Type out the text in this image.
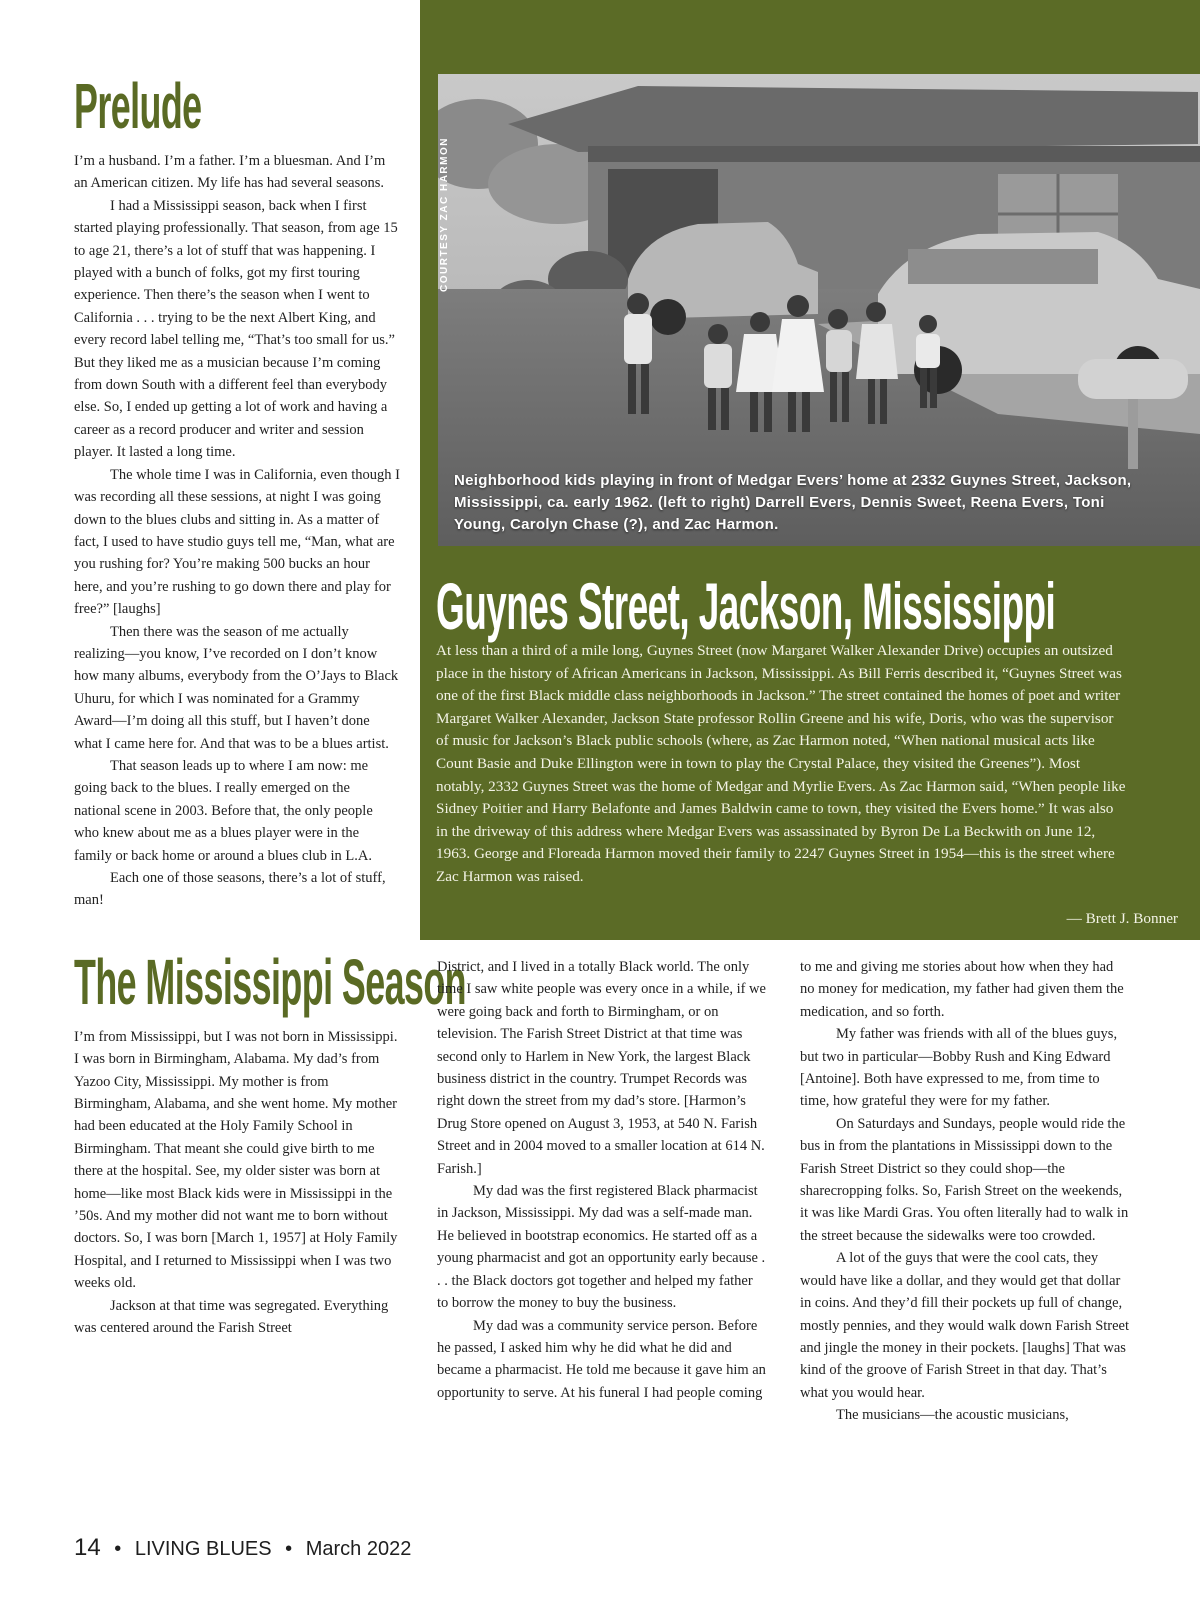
Prelude

I’m a husband. I’m a father. I’m a bluesman. And I’m an American citizen. My life has had several seasons.

I had a Mississippi season, back when I first started playing professionally. That season, from age 15 to age 21, there’s a lot of stuff that was happening. I played with a bunch of folks, got my first touring experience. Then there’s the season when I went to California . . . trying to be the next Albert King, and every record label telling me, “That’s too small for us.” But they liked me as a musician because I’m coming from down South with a different feel than everybody else. So, I ended up getting a lot of work and having a career as a record producer and writer and session player. It lasted a long time.

The whole time I was in California, even though I was recording all these sessions, at night I was going down to the blues clubs and sitting in. As a matter of fact, I used to have studio guys tell me, “Man, what are you rushing for? You’re making 500 bucks an hour here, and you’re rushing to go down there and play for free?” [laughs]

Then there was the season of me actually realizing—you know, I’ve recorded on I don’t know how many albums, everybody from the O’Jays to Black Uhuru, for which I was nominated for a Grammy Award—I’m doing all this stuff, but I haven’t done what I came here for. And that was to be a blues artist.

That season leads up to where I am now: me going back to the blues. I really emerged on the national scene in 2003. Before that, the only people who knew about me as a blues player were in the family or back home or around a blues club in L.A.

Each one of those seasons, there’s a lot of stuff, man!

The Mississippi Season

I’m from Mississippi, but I was not born in Mississippi. I was born in Birmingham, Alabama. My dad’s from Yazoo City, Mississippi. My mother is from Birmingham, Alabama, and she went home. My mother had been educated at the Holy Family School in Birmingham. That meant she could give birth to me there at the hospital. See, my older sister was born at home—like most Black kids were in Mississippi in the ’50s. And my mother did not want me to born without doctors. So, I was born [March 1, 1957] at Holy Family Hospital, and I returned to Mississippi when I was two weeks old.

Jackson at that time was segregated. Everything was centered around the Farish Street

COURTESY ZAC HARMON
Neighborhood kids playing in front of Medgar Evers’ home at 2332 Guynes Street, Jackson, Mississippi, ca. early 1962. (left to right) Darrell Evers, Dennis Sweet, Reena Evers, Toni Young, Carolyn Chase (?), and Zac Harmon.
Guynes Street, Jackson, Mississippi
At less than a third of a mile long, Guynes Street (now Margaret Walker Alexander Drive) occupies an outsized place in the history of African Americans in Jackson, Mississippi. As Bill Ferris described it, “Guynes Street was one of the first Black middle class neighborhoods in Jackson.” The street contained the homes of poet and writer Margaret Walker Alexander, Jackson State professor Rollin Greene and his wife, Doris, who was the supervisor of music for Jackson’s Black public schools (where, as Zac Harmon noted, “When national musical acts like Count Basie and Duke Ellington were in town to play the Crystal Palace, they visited the Greenes”). Most notably, 2332 Guynes Street was the home of Medgar and Myrlie Evers. As Zac Harmon said, “When people like Sidney Poitier and Harry Belafonte and James Baldwin came to town, they visited the Evers home.” It was also in the driveway of this address where Medgar Evers was assassinated by Byron De La Beckwith on June 12, 1963. George and Floreada Harmon moved their family to 2247 Guynes Street in 1954—this is the street where Zac Harmon was raised.
— Brett J. Bonner

District, and I lived in a totally Black world. The only time I saw white people was every once in a while, if we were going back and forth to Birmingham, or on television. The Farish Street District at that time was second only to Harlem in New York, the largest Black business district in the country. Trumpet Records was right down the street from my dad’s store. [Harmon’s Drug Store opened on August 3, 1953, at 540 N. Farish Street and in 2004 moved to a smaller location at 614 N. Farish.]

My dad was the first registered Black pharmacist in Jackson, Mississippi. My dad was a self-made man. He believed in bootstrap economics. He started off as a young pharmacist and got an opportunity early because . . . the Black doctors got together and helped my father to borrow the money to buy the business.

My dad was a community service person. Before he passed, I asked him why he did what he did and became a pharmacist. He told me because it gave him an opportunity to serve. At his funeral I had people coming

to me and giving me stories about how when they had no money for medication, my father had given them the medication, and so forth.

My father was friends with all of the blues guys, but two in particular—Bobby Rush and King Edward [Antoine]. Both have expressed to me, from time to time, how grateful they were for my father.

On Saturdays and Sundays, people would ride the bus in from the plantations in Mississippi down to the Farish Street District so they could shop—the sharecropping folks. So, Farish Street on the weekends, it was like Mardi Gras. You often literally had to walk in the street because the sidewalks were too crowded.

A lot of the guys that were the cool cats, they would have like a dollar, and they would get that dollar in coins. And they’d fill their pockets up full of change, mostly pennies, and they would walk down Farish Street and jingle the money in their pockets. [laughs] That was kind of the groove of Farish Street in that day. That’s what you would hear.

The musicians—the acoustic musicians,

14 • LIVING BLUES • March 2022
